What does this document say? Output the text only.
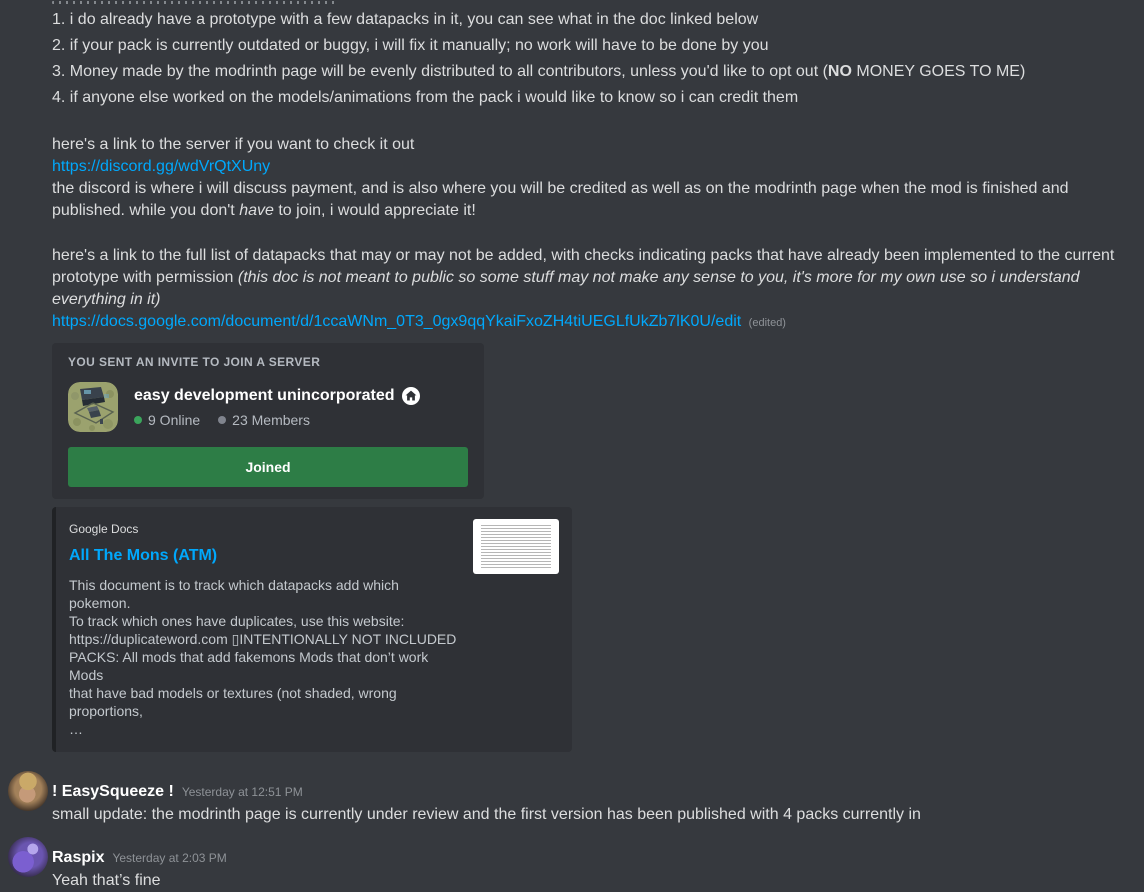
1. i do already have a prototype with a few datapacks in it, you can see what in the doc linked below
2. if your pack is currently outdated or buggy, i will fix it manually; no work will have to be done by you
3. Money made by the modrinth page will be evenly distributed to all contributors, unless you'd like to opt out (NO MONEY GOES TO ME)
4. if anyone else worked on the models/animations from the pack i would like to know so i can credit them
here's a link to the server if you want to check it out
https://discord.gg/wdVrQtXUny
the discord is where i will discuss payment, and is also where you will be credited as well as on the modrinth page when the mod is finished and published. while you don't have to join, i would appreciate it!
here's a link to the full list of datapacks that may or may not be added, with checks indicating packs that have already been implemented to the current prototype with permission (this doc is not meant to public so some stuff may not make any sense to you, it's more for my own use so i understand everything in it)
https://docs.google.com/document/d/1ccaWNm_0T3_0gx9qqYkaiFxoZH4tiUEGLfUkZb7lK0U/edit (edited)
YOU SENT AN INVITE TO JOIN A SERVER
easy development unincorporated
9 Online 23 Members
Joined
Google Docs
All The Mons (ATM)
This document is to track which datapacks add which pokemon.
To track which ones have duplicates, use this website:
https://duplicateword.com ▯INTENTIONALLY NOT INCLUDED
PACKS: All mods that add fakemons Mods that don’t work Mods
that have bad models or textures (not shaded, wrong proportions,
…
! EasySqueeze ! Yesterday at 12:51 PM
small update: the modrinth page is currently under review and the first version has been published with 4 packs currently in
Raspix Yesterday at 2:03 PM
Yeah that’s fine
